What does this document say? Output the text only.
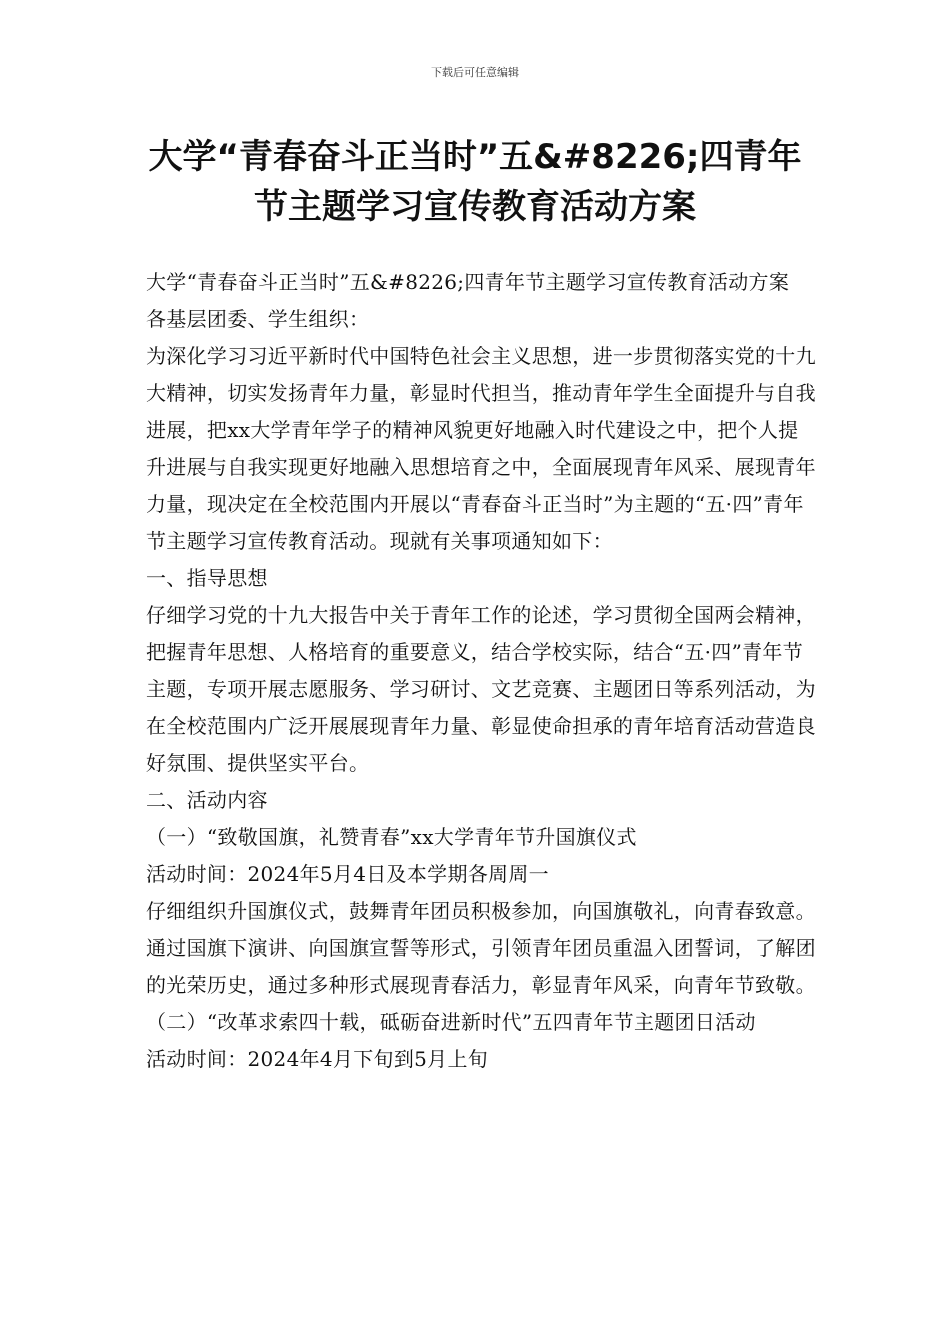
下载后可任意编辑
大学“青春奋斗正当时”五&#8226;四青年
节主题学习宣传教育活动方案

大学“青春奋斗正当时”五&#8226;四青年节主题学习宣传教育活动方案

各基层团委、学生组织：

为深化学习习近平新时代中国特色社会主义思想，进一步贯彻落实党的十九大精神，切实发扬青年力量，彰显时代担当，推动青年学生全面提升与自我进展，把xx大学青年学子的精神风貌更好地融入时代建设之中，把个人提升进展与自我实现更好地融入思想培育之中，全面展现青年风采、展现青年力量，现决定在全校范围内开展以“青春奋斗正当时”为主题的“五·四”青年节主题学习宣传教育活动。现就有关事项通知如下：

一、指导思想

仔细学习党的十九大报告中关于青年工作的论述，学习贯彻全国两会精神，把握青年思想、人格培育的重要意义，结合学校实际，结合“五·四”青年节主题，专项开展志愿服务、学习研讨、文艺竞赛、主题团日等系列活动，为在全校范围内广泛开展展现青年力量、彰显使命担承的青年培育活动营造良好氛围、提供坚实平台。

二、活动内容

（一）“致敬国旗，礼赞青春”xx大学青年节升国旗仪式

活动时间：2024年5月4日及本学期各周周一

仔细组织升国旗仪式，鼓舞青年团员积极参加，向国旗敬礼，向青春致意。通过国旗下演讲、向国旗宣誓等形式，引领青年团员重温入团誓词，了解团的光荣历史，通过多种形式展现青春活力，彰显青年风采，向青年节致敬。

（二）“改革求索四十载，砥砺奋进新时代”五四青年节主题团日活动

活动时间：2024年4月下旬到5月上旬
